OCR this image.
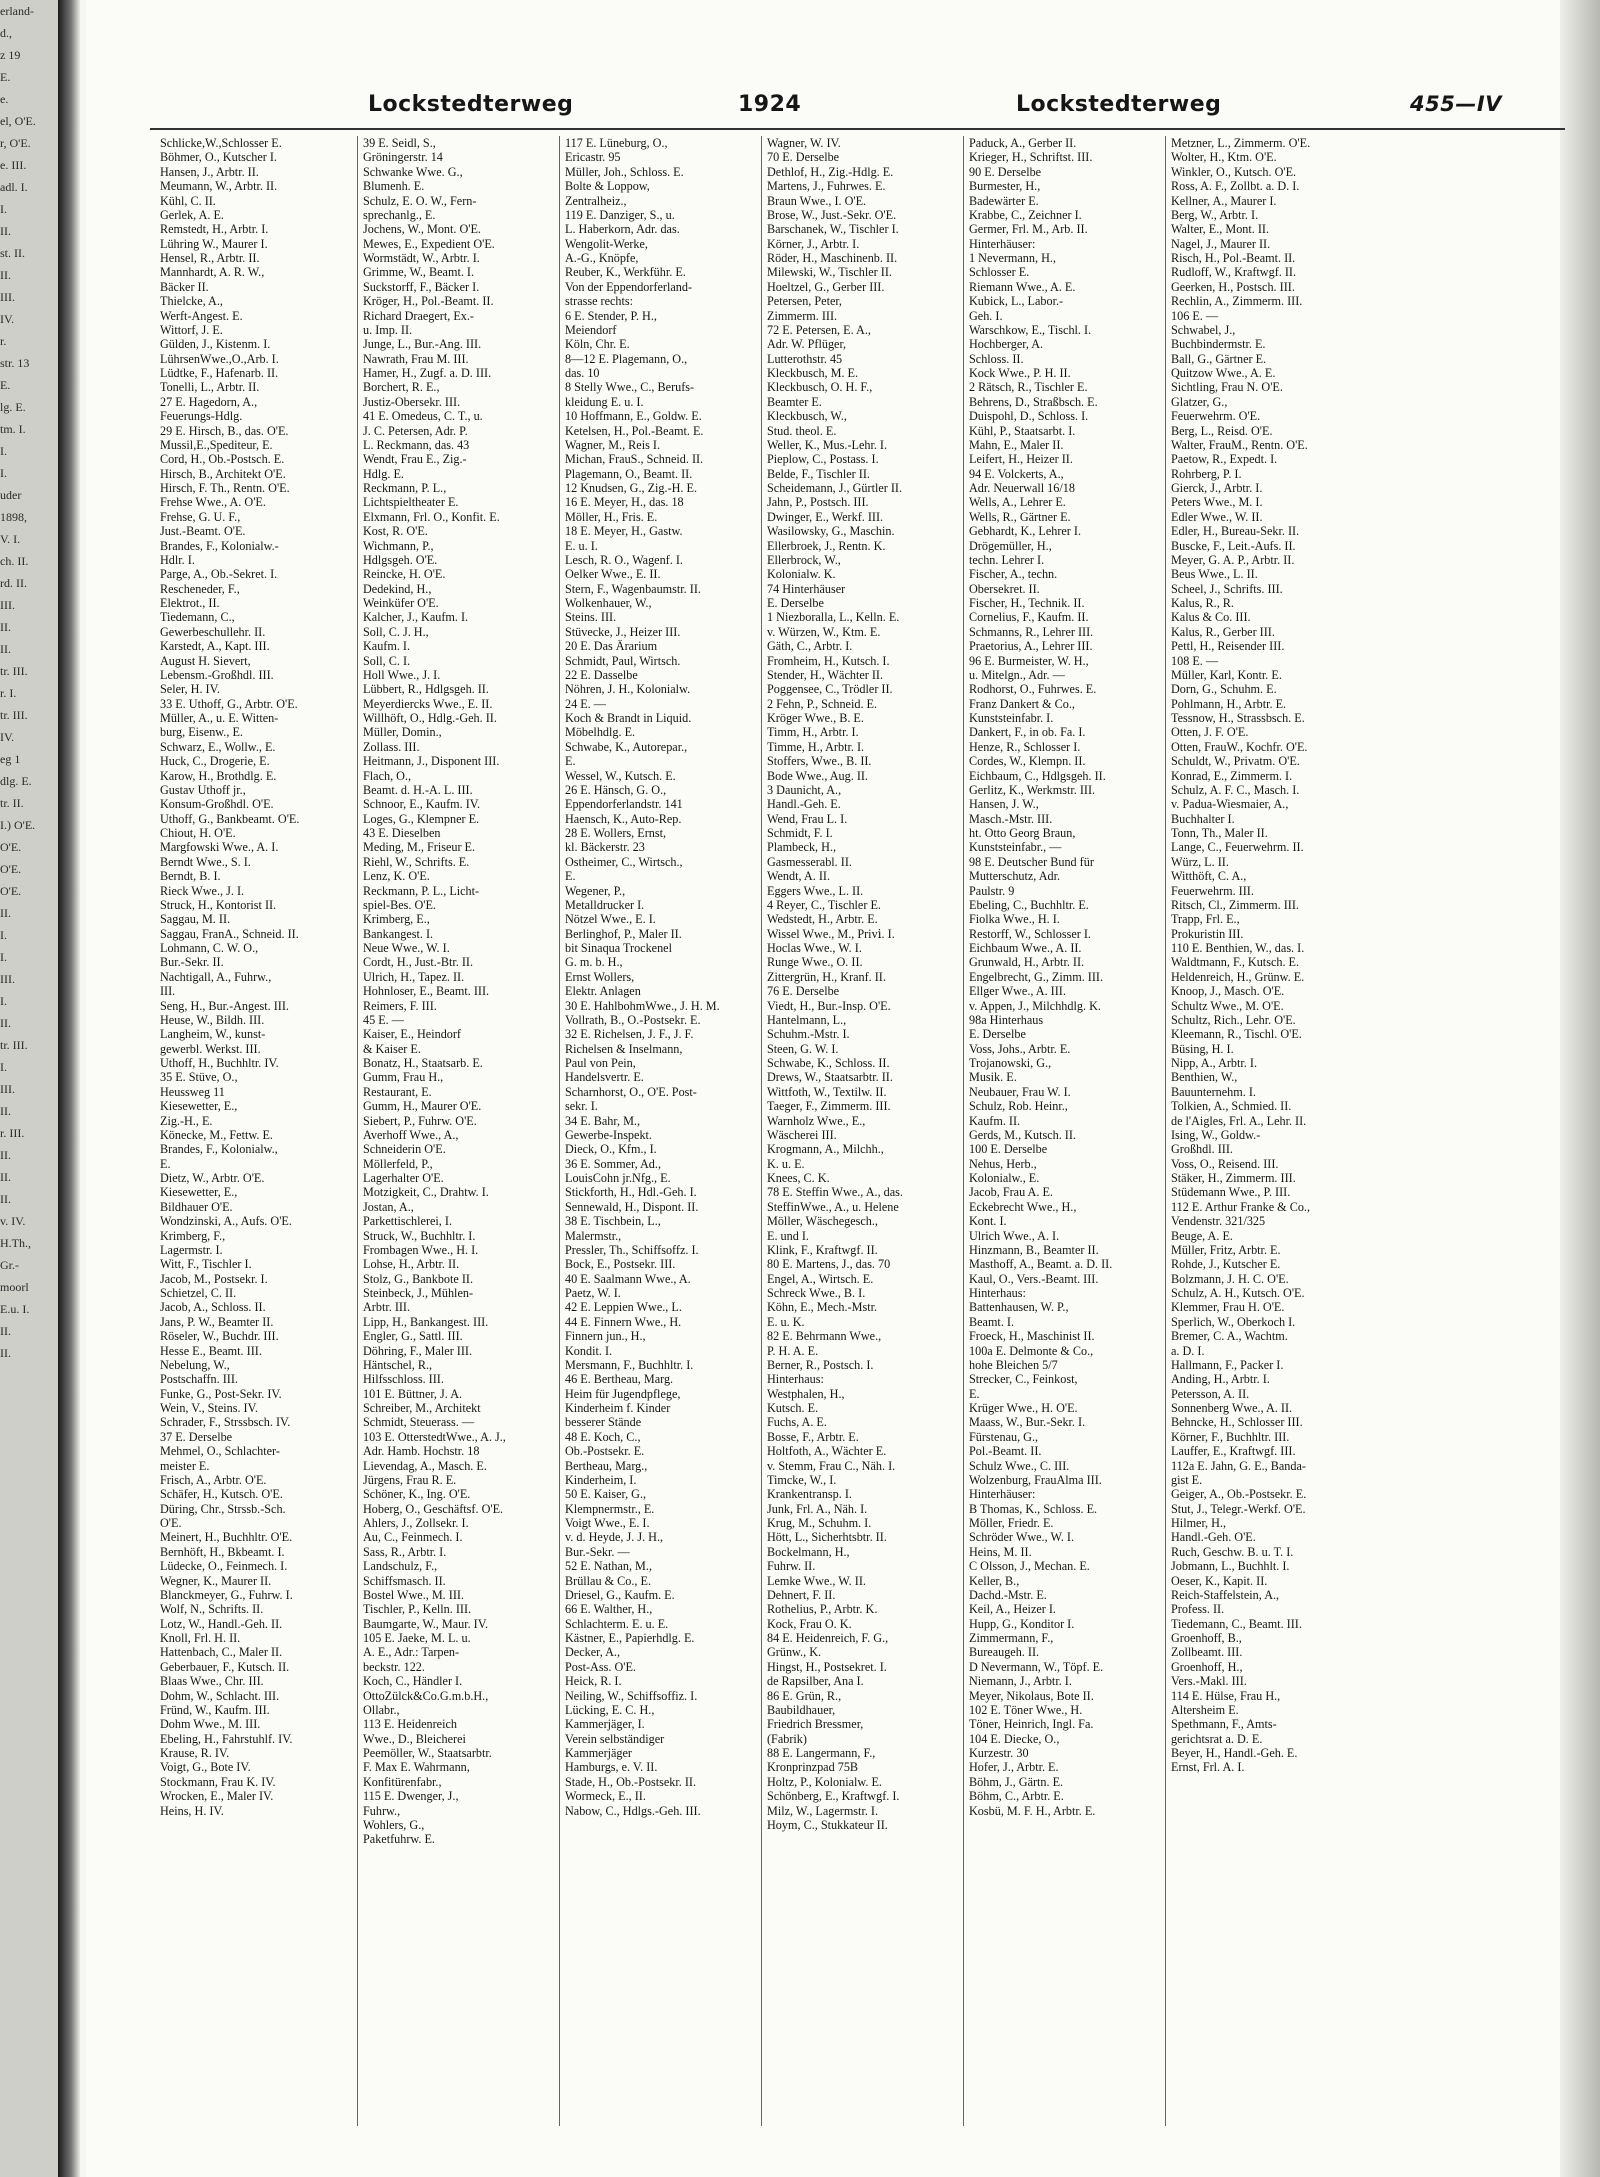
erland-
d.,
z 19
E.
e.
el, O'E.
r, O'E.
e. III.
adl. I.
I.
II.
st. II.
II.
III.
IV.
r.
str. 13
E.
lg. E.
tm. I.
I.
I.
uder
1898,
V. I.
ch. II.
rd. II.
III.
II.
II.
tr. III.
r. I.
tr. III.
IV.
eg 1
dlg. E.
tr. II.
I.) O'E.
O'E.
O'E.
O'E.
II.
I.
I.
III.
I.
II.
tr. III.
I.
III.
II.
r. III.
II.
II.
II.
v. IV.
H.Th.,
Gr.-
moorl
E.u. I.
II.
II.
Lockstedterweg	1924	Lockstedterweg	455—IV
Schlicke,W.,Schlosser E.
Böhmer, O., Kutscher I.
Hansen, J., Arbtr. II.
Meumann, W., Arbtr. II.
Kühl, C. II.
Gerlek, A. E.
Remstedt, H., Arbtr. I.
Lühring W., Maurer I.
Hensel, R., Arbtr. II.
Mannhardt, A. R. W.,
Bäcker II.
Thielcke, A.,
Werft-Angest. E.
Wittorf, J. E.
Gülden, J., Kistenm. I.
LührsenWwe.,O.,Arb. I.
Lüdtke, F., Hafenarb. II.
Tonelli, L., Arbtr. II.
27 E. Hagedorn, A.,
Feuerungs-Hdlg.
29 E. Hirsch, B., das. O'E.
Mussil,E.,Spediteur, E.
Cord, H., Ob.-Postsch. E.
Hirsch, B., Architekt O'E.
Hirsch, F. Th., Rentn. O'E.
Frehse Wwe., A. O'E.
Frehse, G. U. F.,
Just.-Beamt. O'E.
Brandes, F., Kolonialw.-
Hdlr. I.
Parge, A., Ob.-Sekret. I.
Rescheneder, F.,
Elektrot., II.
Tiedemann, C.,
Gewerbeschullehr. II.
Karstedt, A., Kapt. III.
August H. Sievert,
Lebensm.-Großhdl. III.
Seler, H. IV.
33 E. Uthoff, G., Arbtr. O'E.
Müller, A., u. E. Witten-
burg, Eisenw., E.
Schwarz, E., Wollw., E.
Huck, C., Drogerie, E.
Karow, H., Brothdlg. E.
Gustav Uthoff jr.,
Konsum-Großhdl. O'E.
Uthoff, G., Bankbeamt. O'E.
Chiout, H. O'E.
Margfowski Wwe., A. I.
Berndt Wwe., S. I.
Berndt, B. I.
Rieck Wwe., J. I.
Struck, H., Kontorist II.
Saggau, M. II.
Saggau, FranA., Schneid. II.
Lohmann, C. W. O.,
Bur.-Sekr. II.
Nachtigall, A., Fuhrw.,
III.
Seng, H., Bur.-Angest. III.
Heuse, W., Bildh. III.
Langheim, W., kunst-
gewerbl. Werkst. III.
Uthoff, H., Buchhltr. IV.
35 E. Stüve, O.,
Heussweg 11
Kiesewetter, E.,
Zig.-H., E.
Könecke, M., Fettw. E.
Brandes, F., Kolonialw.,
E.
Dietz, W., Arbtr. O'E.
Kiesewetter, E.,
Bildhauer O'E.
Wondzinski, A., Aufs. O'E.
Krimberg, F.,
Lagermstr. I.
Witt, F., Tischler I.
Jacob, M., Postsekr. I.
Schietzel, C. II.
Jacob, A., Schloss. II.
Jans, P. W., Beamter II.
Röseler, W., Buchdr. III.
Hesse E., Beamt. III.
Nebelung, W.,
Postschaffn. III.
Funke, G., Post-Sekr. IV.
Wein, V., Steins. IV.
Schrader, F., Strssbsch. IV.
37 E. Derselbe
Mehmel, O., Schlachter-
meister E.
Frisch, A., Arbtr. O'E.
Schäfer, H., Kutsch. O'E.
Düring, Chr., Strssb.-Sch.
O'E.
Meinert, H., Buchhltr. O'E.
Bernhöft, H., Bkbeamt. I.
Lüdecke, O., Feinmech. I.
Wegner, K., Maurer II.
Blanckmeyer, G., Fuhrw. I.
Wolf, N., Schrifts. II.
Lotz, W., Handl.-Geh. II.
Knoll, Frl. H. II.
Hattenbach, C., Maler II.
Geberbauer, F., Kutsch. II.
Blaas Wwe., Chr. III.
Dohm, W., Schlacht. III.
Fründ, W., Kaufm. III.
Dohm Wwe., M. III.
Ebeling, H., Fahrstuhlf. IV.
Krause, R. IV.
Voigt, G., Bote IV.
Stockmann, Frau K. IV.
Wrocken, E., Maler IV.
Heins, H. IV.
39 E. Seidl, S.,
Gröningerstr. 14
Schwanke Wwe. G.,
Blumenh. E.
Schulz, E. O. W., Fern-
sprechanlg., E.
Jochens, W., Mont. O'E.
Mewes, E., Expedient O'E.
Wormstädt, W., Arbtr. I.
Grimme, W., Beamt. I.
Suckstorff, F., Bäcker I.
Kröger, H., Pol.-Beamt. II.
Richard Draegert, Ex.-
u. Imp. II.
Junge, L., Bur.-Ang. III.
Nawrath, Frau M. III.
Hamer, H., Zugf. a. D. III.
Borchert, R. E.,
Justiz-Obersekr. III.
41 E. Omedeus, C. T., u.
J. C. Petersen, Adr. P.
L. Reckmann, das. 43
Wendt, Frau E., Zig.-
Hdlg. E.
Reckmann, P. L.,
Lichtspieltheater E.
Elxmann, Frl. O., Konfit. E.
Kost, R. O'E.
Wichmann, P.,
Hdlgsgeh. O'E.
Reincke, H. O'E.
Dedekind, H.,
Weinküfer O'E.
Kalcher, J., Kaufm. I.
Soll, C. J. H.,
Kaufm. I.
Soll, C. I.
Holl Wwe., J. I.
Lübbert, R., Hdlgsgeh. II.
Meyerdiercks Wwe., E. II.
Willhöft, O., Hdlg.-Geh. II.
Müller, Domin.,
Zollass. III.
Heitmann, J., Disponent III.
Flach, O.,
Beamt. d. H.-A. L. III.
Schnoor, E., Kaufm. IV.
Loges, G., Klempner E.
43 E. Dieselben
Meding, M., Friseur E.
Riehl, W., Schrifts. E.
Lenz, K. O'E.
Reckmann, P. L., Licht-
spiel-Bes. O'E.
Krimberg, E.,
Bankangest. I.
Neue Wwe., W. I.
Cordt, H., Just.-Btr. II.
Ulrich, H., Tapez. II.
Hohnloser, E., Beamt. III.
Reimers, F. III.
45 E. —
Kaiser, E., Heindorf
& Kaiser E.
Bonatz, H., Staatsarb. E.
Gumm, Frau H.,
Restaurant, E.
Gumm, H., Maurer O'E.
Siebert, P., Fuhrw. O'E.
Averhoff Wwe., A.,
Schneiderin O'E.
Möllerfeld, P.,
Lagerhalter O'E.
Motzigkeit, C., Drahtw. I.
Jostan, A.,
Parkettischlerei, I.
Struck, W., Buchhltr. I.
Frombagen Wwe., H. I.
Lohse, H., Arbtr. II.
Stolz, G., Bankbote II.
Steinbeck, J., Mühlen-
Arbtr. III.
Lipp, H., Bankangest. III.
Engler, G., Sattl. III.
Döhring, F., Maler III.
Häntschel, R.,
Hilfsschloss. III.
101 E. Büttner, J. A.
Schreiber, M., Architekt
Schmidt, Steuerass. —
103 E. OtterstedtWwe., A. J.,
Adr. Hamb. Hochstr. 18
Lievendag, A., Masch. E.
Jürgens, Frau R. E.
Schöner, K., Ing. O'E.
Hoberg, O., Geschäftsf. O'E.
Ahlers, J., Zollsekr. I.
Au, C., Feinmech. I.
Sass, R., Arbtr. I.
Landschulz, F.,
Schiffsmasch. II.
Bostel Wwe., M. III.
Tischler, P., Kelln. III.
Baumgarte, W., Maur. IV.
105 E. Jaeke, M. L. u.
A. E., Adr.: Tarpen-
beckstr. 122.
Koch, C., Händler I.
OttoZülck&Co.G.m.b.H.,
Ollabr.,
113 E. Heidenreich
Wwe., D., Bleicherei
Peemöller, W., Staatsarbtr.
F. Max E. Wahrmann,
Konfitürenfabr.,
115 E. Dwenger, J.,
Fuhrw.,
Wohlers, G.,
Paketfuhrw. E.
117 E. Lüneburg, O.,
Ericastr. 95
Müller, Joh., Schloss. E.
Bolte & Loppow,
Zentralheiz.,
119 E. Danziger, S., u.
L. Haberkorn, Adr. das.
Wengolit-Werke,
A.-G., Knöpfe,
Reuber, K., Werkführ. E.
Von der Eppendorferland-
strasse rechts:
6 E. Stender, P. H.,
Meiendorf
Köln, Chr. E.
8—12 E. Plagemann, O.,
das. 10
8 Stelly Wwe., C., Berufs-
kleidung E. u. I.
10 Hoffmann, E., Goldw. E.
Ketelsen, H., Pol.-Beamt. E.
Wagner, M., Reis I.
Michan, FrauS., Schneid. II.
Plagemann, O., Beamt. II.
12 Knudsen, G., Zig.-H. E.
16 E. Meyer, H., das. 18
Möller, H., Fris. E.
18 E. Meyer, H., Gastw.
E. u. I.
Lesch, R. O., Wagenf. I.
Oelker Wwe., E. II.
Stern, F., Wagenbaumstr. II.
Wolkenhauer, W.,
Steins. III.
Stüvecke, J., Heizer III.
20 E. Das Ärarium
Schmidt, Paul, Wirtsch.
22 E. Dasselbe
Nöhren, J. H., Kolonialw.
24 E. —
Koch & Brandt in Liquid.
Möbelhdlg. E.
Schwabe, K., Autorepar.,
E.
Wessel, W., Kutsch. E.
26 E. Hänsch, G. O.,
Eppendorferlandstr. 141
Haensch, K., Auto-Rep.
28 E. Wollers, Ernst,
kl. Bäckerstr. 23
Ostheimer, C., Wirtsch.,
E.
Wegener, P.,
Metalldrucker I.
Nötzel Wwe., E. I.
Berlinghof, P., Maler II.
bit Sinaqua Trockenel
G. m. b. H.,
Ernst Wollers,
Elektr. Anlagen
30 E. HahlbohmWwe., J. H. M.
Vollrath, B., O.-Postsekr. E.
32 E. Richelsen, J. F., J. F.
Richelsen & Inselmann,
Paul von Pein,
Handelsvertr. E.
Scharnhorst, O., O'E. Post-
sekr. I.
34 E. Bahr, M.,
Gewerbe-Inspekt.
Dieck, O., Kfm., I.
36 E. Sommer, Ad.,
LouisCohn jr.Nfg., E.
Stickforth, H., Hdl.-Geh. I.
Sennewald, H., Dispont. II.
38 E. Tischbein, L.,
Malermstr.,
Pressler, Th., Schiffsoffz. I.
Bock, E., Postsekr. III.
40 E. Saalmann Wwe., A.
Paetz, W. I.
42 E. Leppien Wwe., L.
44 E. Finnern Wwe., H.
Finnern jun., H.,
Kondit. I.
Mersmann, F., Buchhltr. I.
46 E. Bertheau, Marg.
Heim für Jugendpflege,
Kinderheim f. Kinder
besserer Stände
48 E. Koch, C.,
Ob.-Postsekr. E.
Bertheau, Marg.,
Kinderheim, I.
50 E. Kaiser, G.,
Klempnermstr., E.
Voigt Wwe., E. I.
v. d. Heyde, J. J. H.,
Bur.-Sekr. —
52 E. Nathan, M.,
Brüllau & Co., E.
Driesel, G., Kaufm. E.
66 E. Walther, H.,
Schlachterm. E. u. E.
Kästner, E., Papierhdlg. E.
Decker, A.,
Post-Ass. O'E.
Heick, R. I.
Neiling, W., Schiffsoffiz. I.
Lücking, E. C. H.,
Kammerjäger, I.
Verein selbständiger
Kammerjäger
Hamburgs, e. V. II.
Stade, H., Ob.-Postsekr. II.
Wormeck, E., II.
Nabow, C., Hdlgs.-Geh. III.
Wagner, W. IV.
70 E. Derselbe
Dethlof, H., Zig.-Hdlg. E.
Martens, J., Fuhrwes. E.
Braun Wwe., I. O'E.
Brose, W., Just.-Sekr. O'E.
Barschanek, W., Tischler I.
Körner, J., Arbtr. I.
Röder, H., Maschinenb. II.
Milewski, W., Tischler II.
Hoeltzel, G., Gerber III.
Petersen, Peter,
Zimmerm. III.
72 E. Petersen, E. A.,
Adr. W. Pflüger,
Lutterothstr. 45
Kleckbusch, M. E.
Kleckbusch, O. H. F.,
Beamter E.
Kleckbusch, W.,
Stud. theol. E.
Weller, K., Mus.-Lehr. I.
Pieplow, C., Postass. I.
Belde, F., Tischler II.
Scheidemann, J., Gürtler II.
Jahn, P., Postsch. III.
Dwinger, E., Werkf. III.
Wasilowsky, G., Maschin.
Ellerbroek, J., Rentn. K.
Ellerbrock, W.,
Kolonialw. K.
74 Hinterhäuser
E. Derselbe
1 Niezboralla, L., Kelln. E.
v. Würzen, W., Ktm. E.
Gäth, C., Arbtr. I.
Fromheim, H., Kutsch. I.
Stender, H., Wächter II.
Poggensee, C., Trödler II.
2 Fehn, P., Schneid. E.
Kröger Wwe., B. E.
Timm, H., Arbtr. I.
Timme, H., Arbtr. I.
Stoffers, Wwe., B. II.
Bode Wwe., Aug. II.
3 Daunicht, A.,
Handl.-Geh. E.
Wend, Frau L. I.
Schmidt, F. I.
Plambeck, H.,
Gasmesserabl. II.
Wendt, A. II.
Eggers Wwe., L. II.
4 Reyer, C., Tischler E.
Wedstedt, H., Arbtr. E.
Wissel Wwe., M., Privⅰ. I.
Hoclas Wwe., W. I.
Runge Wwe., O. II.
Zittergrün, H., Kranf. II.
76 E. Derselbe
Viedt, H., Bur.-Insp. O'E.
Hantelmann, L.,
Schuhm.-Mstr. I.
Steen, G. W. I.
Schwabe, K., Schloss. II.
Drews, W., Staatsarbtr. II.
Wittfoth, W., Textilw. II.
Taeger, F., Zimmerm. III.
Warnholz Wwe., E.,
Wäscherei III.
Krogmann, A., Milchh.,
K. u. E.
Knees, C. K.
78 E. Steffin Wwe., A., das.
SteffinWwe., A., u. Helene
Möller, Wäschegesch.,
E. und I.
Klink, F., Kraftwgf. II.
80 E. Martens, J., das. 70
Engel, A., Wirtsch. E.
Schreck Wwe., B. I.
Köhn, E., Mech.-Mstr.
E. u. K.
82 E. Behrmann Wwe.,
P. H. A. E.
Berner, R., Postsch. I.
Hinterhaus:
Westphalen, H.,
Kutsch. E.
Fuchs, A. E.
Bosse, F., Arbtr. E.
Holtfoth, A., Wächter E.
v. Stemm, Frau C., Näh. I.
Timcke, W., I.
Krankentransp. I.
Junk, Frl. A., Näh. I.
Krug, M., Schuhm. I.
Hött, L., Sicherhtsbtr. II.
Bockelmann, H.,
Fuhrw. II.
Lemke Wwe., W. II.
Dehnert, F. II.
Rothelius, P., Arbtr. K.
Kock, Frau O. K.
84 E. Heidenreich, F. G.,
Grünw., K.
Hingst, H., Postsekret. I.
de Rapsilber, Ana I.
86 E. Grün, R.,
Baubildhauer,
Friedrich Bressmer,
(Fabrik)
88 E. Langermann, F.,
Kronprinzpad 75B
Holtz, P., Kolonialw. E.
Schönberg, E., Kraftwgf. I.
Milz, W., Lagermstr. I.
Hoym, C., Stukkateur II.
Paduck, A., Gerber II.
Krieger, H., Schriftst. III.
90 E. Derselbe
Burmester, H.,
Badewärter E.
Krabbe, C., Zeichner I.
Germer, Frl. M., Arb. II.
Hinterhäuser:
1 Nevermann, H.,
Schlosser E.
Riemann Wwe., A. E.
Kubick, L., Labor.-
Geh. I.
Warschkow, E., Tischl. I.
Hochberger, A.
Schloss. II.
Kock Wwe., P. H. II.
2 Rätsch, R., Tischler E.
Behrens, D., Straßbsch. E.
Duispohl, D., Schloss. I.
Kühl, P., Staatsarbt. I.
Mahn, E., Maler II.
Leifert, H., Heizer II.
94 E. Volckerts, A.,
Adr. Neuerwall 16/18
Wells, A., Lehrer E.
Wells, R., Gärtner E.
Gebhardt, K., Lehrer I.
Drögemüller, H.,
techn. Lehrer I.
Fischer, A., techn.
Obersekret. II.
Fischer, H., Technik. II.
Cornelius, F., Kaufm. II.
Schmanns, R., Lehrer III.
Praetorius, A., Lehrer III.
96 E. Burmeister, W. H.,
u. Mitelgn., Adr. —
Rodhorst, O., Fuhrwes. E.
Franz Dankert & Co.,
Kunststeinfabr. I.
Dankert, F., in ob. Fa. I.
Henze, R., Schlosser I.
Cordes, W., Klempn. II.
Eichbaum, C., Hdlgsgeh. II.
Gerlitz, K., Werkmstr. III.
Hansen, J. W.,
Masch.-Mstr. III.
ht. Otto Georg Braun,
Kunststeinfabr., —
98 E. Deutscher Bund für
Mutterschutz, Adr.
Paulstr. 9
Ebeling, C., Buchhltr. E.
Fiolka Wwe., H. I.
Restorff, W., Schlosser I.
Eichbaum Wwe., A. II.
Grunwald, H., Arbtr. II.
Engelbrecht, G., Zimm. III.
Ellger Wwe., A. III.
v. Appen, J., Milchhdlg. K.
98a Hinterhaus
E. Derselbe
Voss, Johs., Arbtr. E.
Trojanowski, G.,
Musik. E.
Neubauer, Frau W. I.
Schulz, Rob. Heinr.,
Kaufm. II.
Gerds, M., Kutsch. II.
100 E. Derselbe
Nehus, Herb.,
Kolonialw., E.
Jacob, Frau A. E.
Eckebrecht Wwe., H.,
Kont. I.
Ulrich Wwe., A. I.
Hinzmann, B., Beamter II.
Masthoff, A., Beamt. a. D. II.
Kaul, O., Vers.-Beamt. III.
Hinterhaus:
Battenhausen, W. P.,
Beamt. I.
Froeck, H., Maschinist II.
100a E. Delmonte & Co.,
hohe Bleichen 5/7
Strecker, C., Feinkost,
E.
Krüger Wwe., H. O'E.
Maass, W., Bur.-Sekr. I.
Fürstenau, G.,
Pol.-Beamt. II.
Schulz Wwe., C. III.
Wolzenburg, FrauAlma III.
Hinterhäuser:
B Thomas, K., Schloss. E.
Möller, Friedr. E.
Schröder Wwe., W. I.
Heins, M. II.
C Olsson, J., Mechan. E.
Keller, B.,
Dachd.-Mstr. E.
Keil, A., Heizer I.
Hupp, G., Konditor I.
Zimmermann, F.,
Bureaugeh. II.
D Nevermann, W., Töpf. E.
Niemann, J., Arbtr. I.
Meyer, Nikolaus, Bote II.
102 E. Töner Wwe., H.
Töner, Heinrich, Ingl. Fa.
104 E. Diecke, O.,
Kurzestr. 30
Hofer, J., Arbtr. E.
Böhm, J., Gärtn. E.
Böhm, C., Arbtr. E.
Kosbü, M. F. H., Arbtr. E.
Metzner, L., Zimmerm. O'E.
Wolter, H., Ktm. O'E.
Winkler, O., Kutsch. O'E.
Ross, A. F., Zollbt. a. D. I.
Kellner, A., Maurer I.
Berg, W., Arbtr. I.
Walter, E., Mont. II.
Nagel, J., Maurer II.
Risch, H., Pol.-Beamt. II.
Rudloff, W., Kraftwgf. II.
Geerken, H., Postsch. III.
Rechlin, A., Zimmerm. III.
106 E. —
Schwabel, J.,
Buchbindermstr. E.
Ball, G., Gärtner E.
Quitzow Wwe., A. E.
Sichtling, Frau N. O'E.
Glatzer, G.,
Feuerwehrm. O'E.
Berg, L., Reisd. O'E.
Walter, FrauM., Rentn. O'E.
Paetow, R., Expedt. I.
Rohrberg, P. I.
Gierck, J., Arbtr. I.
Peters Wwe., M. I.
Edler Wwe., W. II.
Edler, H., Bureau-Sekr. II.
Buscke, F., Leit.-Aufs. II.
Meyer, G. A. P., Arbtr. II.
Beus Wwe., L. II.
Scheel, J., Schrifts. III.
Kalus, R., R.
Kalus & Co. III.
Kalus, R., Gerber III.
Pettl, H., Reisender III.
108 E. —
Müller, Karl, Kontr. E.
Dorn, G., Schuhm. E.
Pohlmann, H., Arbtr. E.
Tessnow, H., Strassbsch. E.
Otten, J. F. O'E.
Otten, FrauW., Kochfr. O'E.
Schuldt, W., Privatm. O'E.
Konrad, E., Zimmerm. I.
Schulz, A. F. C., Masch. I.
v. Padua-Wiesmaier, A.,
Buchhalter I.
Tonn, Th., Maler II.
Lange, C., Feuerwehrm. II.
Würz, L. II.
Witthöft, C. A.,
Feuerwehrm. III.
Ritsch, Cl., Zimmerm. III.
Trapp, Frl. E.,
Prokuristin III.
110 E. Benthien, W., das. I.
Waldtmann, F., Kutsch. E.
Heldenreich, H., Grünw. E.
Knoop, J., Masch. O'E.
Schultz Wwe., M. O'E.
Schultz, Rich., Lehr. O'E.
Kleemann, R., Tischl. O'E.
Büsing, H. I.
Nipp, A., Arbtr. I.
Benthien, W.,
Bauunternehm. I.
Tolkien, A., Schmied. II.
de l'Aigles, Frl. A., Lehr. II.
Ising, W., Goldw.-
Großhdl. III.
Voss, O., Reisend. III.
Stäker, H., Zimmerm. III.
Stüdemann Wwe., P. III.
112 E. Arthur Franke & Co.,
Vendenstr. 321/325
Beuge, A. E.
Müller, Fritz, Arbtr. E.
Rohde, J., Kutscher E.
Bolzmann, J. H. C. O'E.
Schulz, A. H., Kutsch. O'E.
Klemmer, Frau H. O'E.
Sperlich, W., Oberkoch I.
Bremer, C. A., Wachtm.
a. D. I.
Hallmann, F., Packer I.
Anding, H., Arbtr. I.
Petersson, A. II.
Sonnenberg Wwe., A. II.
Behncke, H., Schlosser III.
Körner, F., Buchhltr. III.
Lauffer, E., Kraftwgf. III.
112a E. Jahn, G. E., Banda-
gist E.
Geiger, A., Ob.-Postsekr. E.
Stut, J., Telegr.-Werkf. O'E.
Hilmer, H.,
Handl.-Geh. O'E.
Ruch, Geschw. B. u. T. I.
Jobmann, L., Buchhlt. I.
Oeser, K., Kapit. II.
Reich-Staffelstein, A.,
Profess. II.
Tiedemann, C., Beamt. III.
Groenhoff, B.,
Zollbeamt. III.
Groenhoff, H.,
Vers.-Makl. III.
114 E. Hülse, Frau H.,
Altersheim E.
Spethmann, F., Amts-
gerichtsrat a. D. E.
Beyer, H., Handl.-Geh. E.
Ernst, Frl. A. I.
